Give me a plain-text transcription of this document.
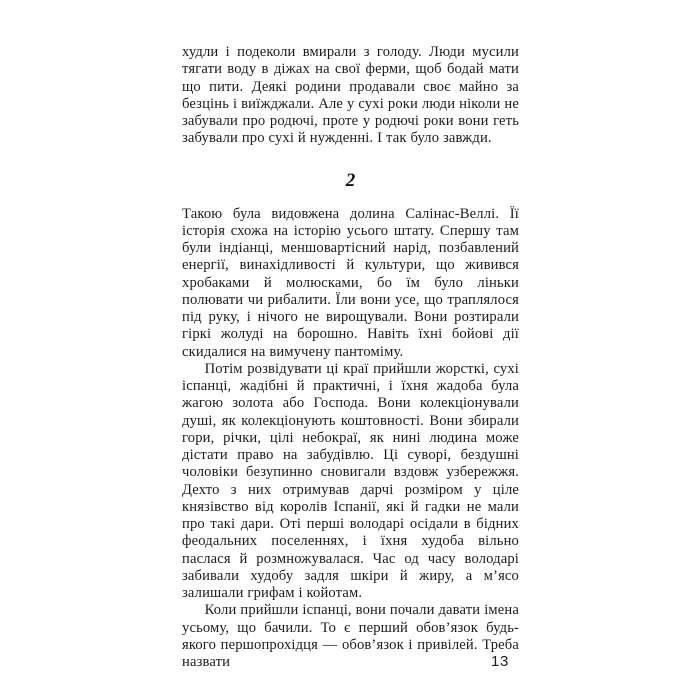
худли і подеколи вмирали з голоду. Люди мусили тягати воду в діжах на свої ферми, щоб бодай мати що пити. Деякі родини продавали своє майно за безцінь і виїжджали. Але у сухі роки люди ніколи не забували про родючі, проте у родючі роки вони геть забували про сухі й нужденні. І так було завжди.

2

Такою була видовжена долина Салінас-Веллі. Її історія схожа на історію усього штату. Спершу там були індіанці, меншовартісний нарід, позбавлений енергії, винахідливості й культури, що живився хробаками й молюсками, бо їм було ліньки полювати чи рибалити. Їли вони усе, що траплялося під руку, і нічого не вирощували. Вони розтирали гіркі жолуді на борошно. Навіть їхні бойові дії скидалися на вимучену пантоміму.

Потім розвідувати ці краї прийшли жорсткі, сухі іспанці, жадібні й практичні, і їхня жадоба була жагою золота або Господа. Вони колекціонували душі, як колекціонують коштовності. Вони збирали гори, річки, цілі небокраї, як нині людина може дістати право на забудівлю. Ці суворі, бездушні чоловіки безупинно сновигали вздовж узбережжя. Дехто з них отримував дарчі розміром у ціле князівство від королів Іспанії, які й гадки не мали про такі дари. Оті перші володарі осідали в бідних феодальних поселеннях, і їхня худоба вільно паслася й розмножувалася. Час од часу володарі забивали худобу задля шкіри й жиру, а м’ясо залишали грифам і койотам.

Коли прийшли іспанці, вони почали давати імена усьому, що бачили. То є перший обов’язок будь-якого першопрохідця — обов’язок і привілей. Треба назвати	13
